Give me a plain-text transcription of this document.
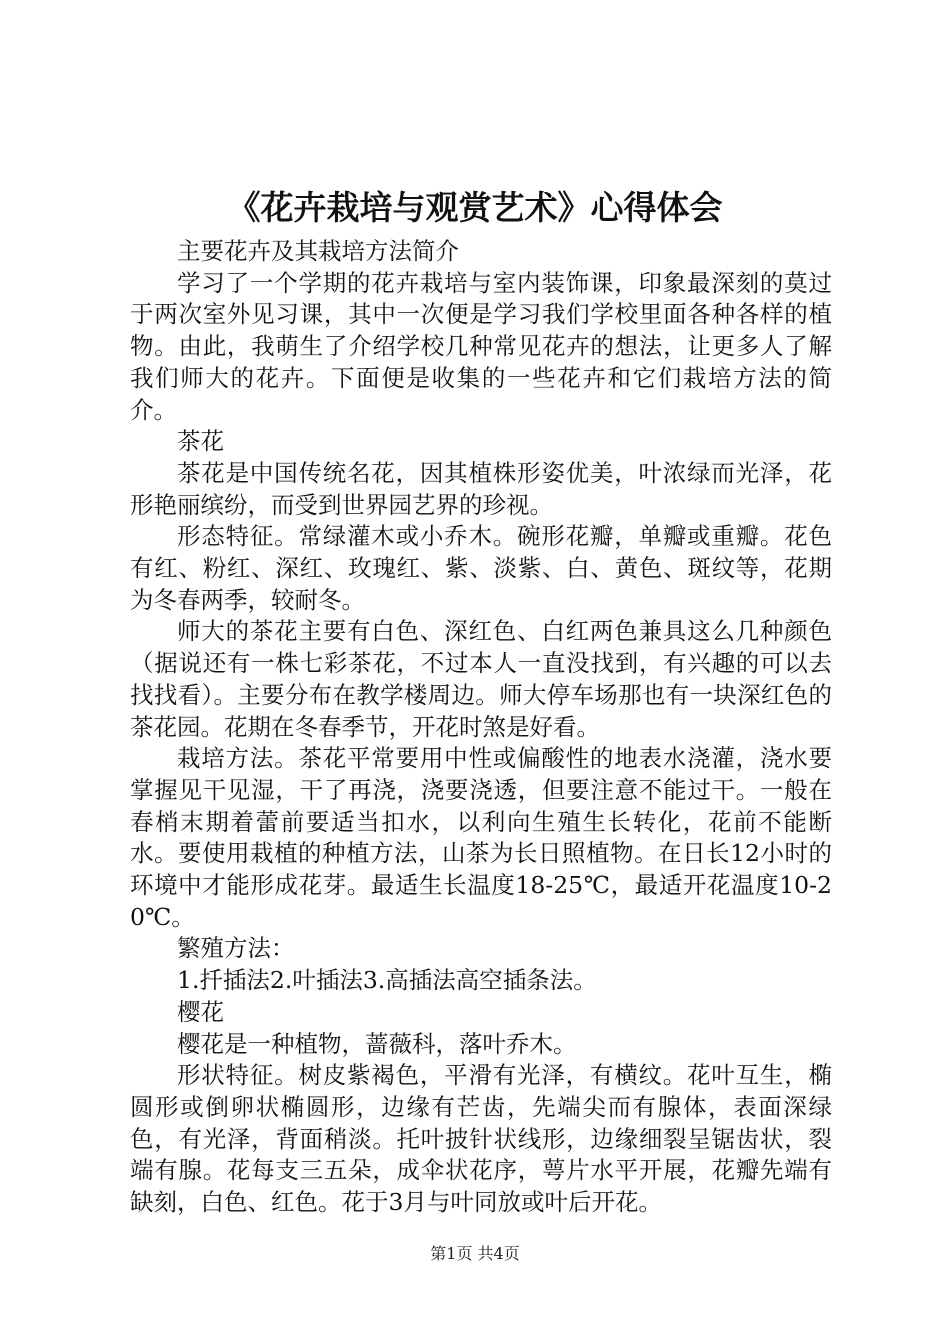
《花卉栽培与观赏艺术》心得体会

主要花卉及其栽培方法简介

学习了一个学期的花卉栽培与室内装饰课，印象最深刻的莫过于两次室外见习课，其中一次便是学习我们学校里面各种各样的植物。由此，我萌生了介绍学校几种常见花卉的想法，让更多人了解我们师大的花卉。下面便是收集的一些花卉和它们栽培方法的简介。

茶花

茶花是中国传统名花，因其植株形姿优美，叶浓绿而光泽，花形艳丽缤纷，而受到世界园艺界的珍视。

形态特征。常绿灌木或小乔木。碗形花瓣，单瓣或重瓣。花色有红、粉红、深红、玫瑰红、紫、淡紫、白、黄色、斑纹等，花期为冬春两季，较耐冬。

师大的茶花主要有白色、深红色、白红两色兼具这么几种颜色（据说还有一株七彩茶花，不过本人一直没找到，有兴趣的可以去找找看）。主要分布在教学楼周边。师大停车场那也有一块深红色的茶花园。花期在冬春季节，开花时煞是好看。

栽培方法。茶花平常要用中性或偏酸性的地表水浇灌，浇水要掌握见干见湿，干了再浇，浇要浇透，但要注意不能过干。一般在春梢末期着蕾前要适当扣水，以利向生殖生长转化，花前不能断水。要使用栽植的种植方法，山茶为长日照植物。在日长12小时的环境中才能形成花芽。最适生长温度18-25℃，最适开花温度10-20℃。

繁殖方法：

1.扦插法2.叶插法3.高插法高空插条法。

樱花

樱花是一种植物，蔷薇科，落叶乔木。

形状特征。树皮紫褐色，平滑有光泽，有横纹。花叶互生，椭圆形或倒卵状椭圆形，边缘有芒齿，先端尖而有腺体，表面深绿色，有光泽，背面稍淡。托叶披针状线形，边缘细裂呈锯齿状，裂端有腺。花每支三五朵，成伞状花序，萼片水平开展，花瓣先端有缺刻，白色、红色。花于3月与叶同放或叶后开花。

第1页 共4页
